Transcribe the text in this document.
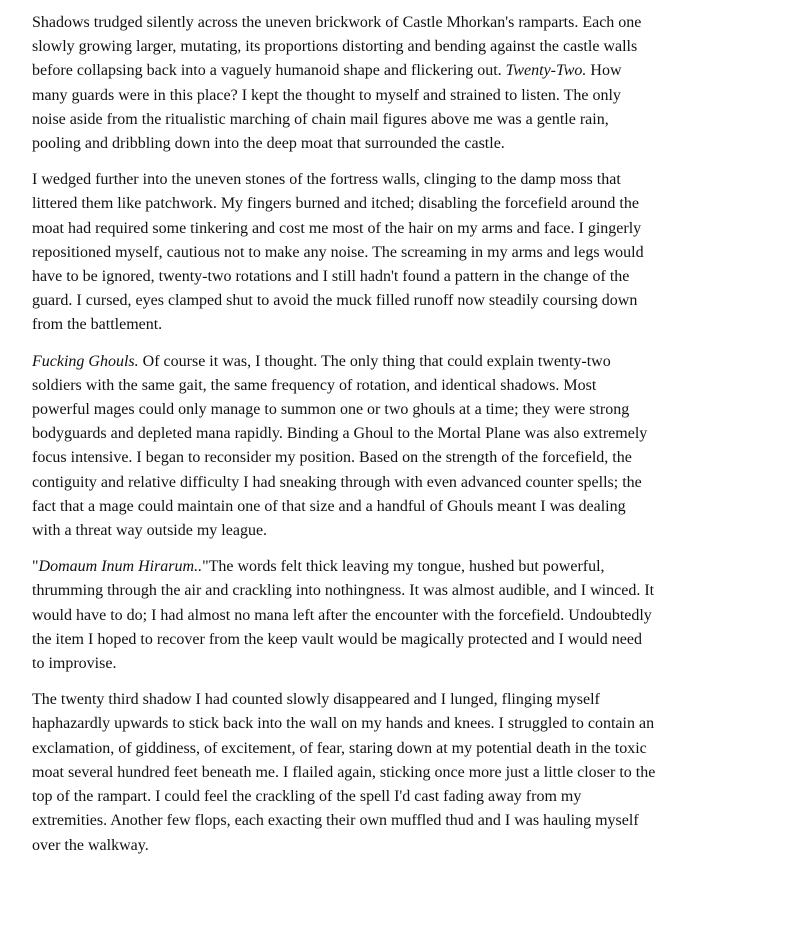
Shadows trudged silently across the uneven brickwork of Castle Mhorkan's ramparts. Each one
slowly growing larger, mutating, its proportions distorting and bending against the castle walls
before collapsing back into a vaguely humanoid shape and flickering out. Twenty-Two. How
many guards were in this place? I kept the thought to myself and strained to listen. The only
noise aside from the ritualistic marching of chain mail figures above me was a gentle rain,
pooling and dribbling down into the deep moat that surrounded the castle.

I wedged further into the uneven stones of the fortress walls, clinging to the damp moss that
littered them like patchwork. My fingers burned and itched; disabling the forcefield around the
moat had required some tinkering and cost me most of the hair on my arms and face. I gingerly
repositioned myself, cautious not to make any noise. The screaming in my arms and legs would
have to be ignored, twenty-two rotations and I still hadn't found a pattern in the change of the
guard. I cursed, eyes clamped shut to avoid the muck filled runoff now steadily coursing down
from the battlement.

Fucking Ghouls. Of course it was, I thought. The only thing that could explain twenty-two
soldiers with the same gait, the same frequency of rotation, and identical shadows. Most
powerful mages could only manage to summon one or two ghouls at a time; they were strong
bodyguards and depleted mana rapidly. Binding a Ghoul to the Mortal Plane was also extremely
focus intensive. I began to reconsider my position. Based on the strength of the forcefield, the
contiguity and relative difficulty I had sneaking through with even advanced counter spells; the
fact that a mage could maintain one of that size and a handful of Ghouls meant I was dealing
with a threat way outside my league.

"Domaum Inum Hirarum.."The words felt thick leaving my tongue, hushed but powerful,
thrumming through the air and crackling into nothingness. It was almost audible, and I winced. It
would have to do; I had almost no mana left after the encounter with the forcefield. Undoubtedly
the item I hoped to recover from the keep vault would be magically protected and I would need
to improvise.

The twenty third shadow I had counted slowly disappeared and I lunged, flinging myself
haphazardly upwards to stick back into the wall on my hands and knees. I struggled to contain an
exclamation, of giddiness, of excitement, of fear, staring down at my potential death in the toxic
moat several hundred feet beneath me. I flailed again, sticking once more just a little closer to the
top of the rampart. I could feel the crackling of the spell I'd cast fading away from my
extremities. Another few flops, each exacting their own muffled thud and I was hauling myself
over the walkway.
